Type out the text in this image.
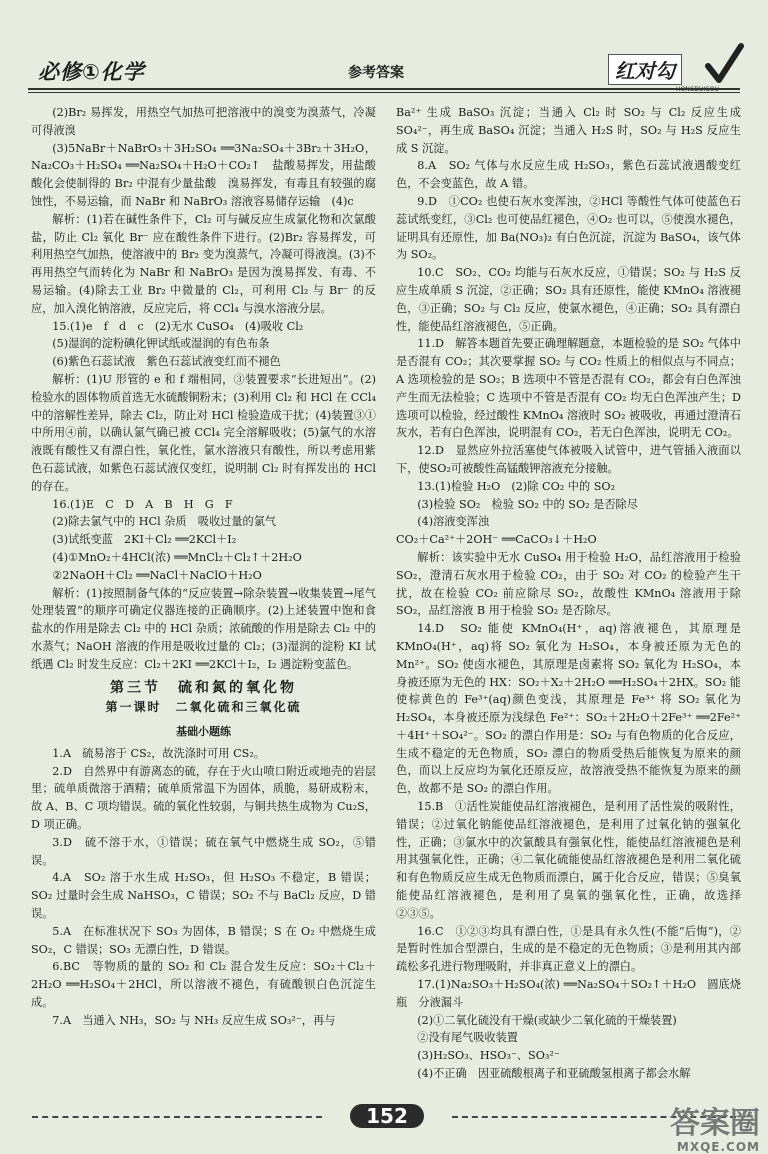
必修①化学	参考答案	红对勾

(2)Br₂ 易挥发，用热空气加热可把溶液中的溴变为溴蒸气，冷凝可得液溴

(3)5NaBr＋NaBrO₃＋3H₂SO₄ ══3Na₂SO₄＋3Br₂＋3H₂O，Na₂CO₃＋H₂SO₄ ══Na₂SO₄＋H₂O＋CO₂↑　盐酸易挥发，用盐酸酸化会使制得的 Br₂ 中混有少量盐酸　溴易挥发，有毒且有较强的腐蚀性，不易运输，而 NaBr 和 NaBrO₃ 溶液容易储存运输　(4)c

解析：(1)若在碱性条件下，Cl₂ 可与碱反应生成氯化物和次氯酸盐，防止 Cl₂ 氧化 Br⁻ 应在酸性条件下进行。(2)Br₂ 容易挥发，可利用热空气加热，使溶液中的 Br₂ 变为溴蒸气，冷凝可得液溴。(3)不再用热空气而转化为 NaBr 和 NaBrO₃ 是因为溴易挥发、有毒、不易运输。(4)除去工业 Br₂ 中微量的 Cl₂，可利用 Cl₂ 与 Br⁻ 的反应，加入溴化钠溶液，反应完后，将 CCl₄ 与溴水溶液分层。

15.(1)e　f　d　c　(2)无水 CuSO₄　(4)吸收 Cl₂

(5)湿润的淀粉碘化钾试纸或湿润的有色布条

(6)紫色石蕊试液　紫色石蕊试液变红而不褪色

解析：(1)U 形管的 e 和 f 端相同，③装置要求“长进短出”。(2)检验水的固体物质首选无水硫酸铜粉末；(3)利用 Cl₂ 和 HCl 在 CCl₄ 中的溶解性差异，除去 Cl₂，防止对 HCl 检验造成干扰；(4)装置③①中所用④前，以确认氯气确已被 CCl₄ 完全溶解吸收；(5)氯气的水溶液既有酸性又有漂白性，氧化性，氯水溶液只有酸性，所以考虑用紫色石蕊试液，如紫色石蕊试液仅变红，说明制 Cl₂ 时有挥发出的 HCl 的存在。

16.(1)E　C　D　A　B　H　G　F

(2)除去氯气中的 HCl 杂质　吸收过量的氯气

(3)试纸变蓝　2KI＋Cl₂ ══2KCl＋I₂

(4)①MnO₂＋4HCl(浓) ══MnCl₂＋Cl₂↑＋2H₂O

②2NaOH＋Cl₂ ══NaCl＋NaClO＋H₂O

解析：(1)按照制备气体的“反应装置→除杂装置→收集装置→尾气处理装置”的顺序可确定仪器连接的正确顺序。(2)上述装置中饱和食盐水的作用是除去 Cl₂ 中的 HCl 杂质；浓硫酸的作用是除去 Cl₂ 中的水蒸气；NaOH 溶液的作用是吸收过量的 Cl₂；(3)湿润的淀粉 KI 试纸遇 Cl₂ 时发生反应：Cl₂＋2KI ══2KCl＋I₂，I₂ 遇淀粉变蓝色。

第三节　硫和氮的氧化物
第一课时　二氧化硫和三氧化硫
基础小题练

1.A　硫易溶于 CS₂，故洗涤时可用 CS₂。

2.D　自然界中有游离态的硫，存在于火山喷口附近或地壳的岩层里；硫单质微溶于酒精；硫单质常温下为固体，质脆，易研成粉末，故 A、B、C 项均错误。硫的氧化性较弱，与铜共热生成物为 Cu₂S，D 项正确。

3.D　硫不溶于水，①错误；硫在氧气中燃烧生成 SO₂，⑤错误。

4.A　SO₂ 溶于水生成 H₂SO₃，但 H₂SO₃ 不稳定，B 错误；SO₂ 过量时会生成 NaHSO₃，C 错误；SO₂ 不与 BaCl₂ 反应，D 错误。

5.A　在标准状况下 SO₃ 为固体，B 错误；S 在 O₂ 中燃烧生成 SO₂，C 错误；SO₃ 无漂白性，D 错误。

6.BC　等物质的量的 SO₂ 和 Cl₂ 混合发生反应：SO₂＋Cl₂＋2H₂O ══H₂SO₄＋2HCl，所以溶液不褪色，有硫酸钡白色沉淀生成。

7.A　当通入 NH₃，SO₂ 与 NH₃ 反应生成 SO₃²⁻，再与

Ba²⁺ 生成 BaSO₃ 沉淀；当通入 Cl₂ 时 SO₂ 与 Cl₂ 反应生成 SO₄²⁻，再生成 BaSO₄ 沉淀；当通入 H₂S 时，SO₂ 与 H₂S 反应生成 S 沉淀。

8.A　SO₂ 气体与水反应生成 H₂SO₃，紫色石蕊试液遇酸变红色，不会变蓝色，故 A 错。

9.D　①CO₂ 也使石灰水变浑浊，②HCl 等酸性气体可使蓝色石蕊试纸变红，③Cl₂ 也可使品红褪色，④O₂ 也可以，⑤使溴水褪色，证明具有还原性，加 Ba(NO₃)₂ 有白色沉淀，沉淀为 BaSO₄，该气体为 SO₂。

10.C　SO₂、CO₂ 均能与石灰水反应，①错误；SO₂ 与 H₂S 反应生成单质 S 沉淀，②正确；SO₂ 具有还原性，能使 KMnO₄ 溶液褪色，③正确；SO₂ 与 Cl₂ 反应，使氯水褪色，④正确；SO₂ 具有漂白性，能使品红溶液褪色，⑤正确。

11.D　解答本题首先要正确理解题意，本题检验的是 SO₂ 气体中是否混有 CO₂；其次要掌握 SO₂ 与 CO₂ 性质上的相似点与不同点；A 选项检验的是 SO₂；B 选项中不管是否混有 CO₂，都会有白色浑浊产生而无法检验；C 选项中不管是否混有 CO₂ 均无白色浑浊产生；D 选项可以检验，经过酸性 KMnO₄ 溶液时 SO₂ 被吸收，再通过澄清石灰水，若有白色浑浊，说明混有 CO₂，若无白色浑浊，说明无 CO₂。

12.D　显然应外拉活塞使气体被吸入试管中，进气管插入液面以下，使SO₂可被酸性高锰酸钾溶液充分接触。

13.(1)检验 H₂O　(2)除 CO₂ 中的 SO₂

(3)检验 SO₂　检验 SO₂ 中的 SO₂ 是否除尽

(4)溶液变浑浊

CO₂＋Ca²⁺＋2OH⁻ ══CaCO₃↓＋H₂O

解析：该实验中无水 CuSO₄ 用于检验 H₂O，品红溶液用于检验 SO₂，澄清石灰水用于检验 CO₂，由于 SO₂ 对 CO₂ 的检验产生干扰，故在检验 CO₂ 前应除尽 SO₂，故酸性 KMnO₄ 溶液用于除 SO₂，品红溶液 B 用于检验 SO₂ 是否除尽。

14.D　SO₂ 能使 KMnO₄(H⁺，aq)溶液褪色，其原理是 KMnO₄(H⁺，aq)将 SO₂ 氧化为 H₂SO₄，本身被还原为无色的 Mn²⁺。SO₂ 使卤水褪色，其原理是卤素将 SO₂ 氧化为 H₂SO₄，本身被还原为无色的 HX：SO₂＋X₂＋2H₂O ══H₂SO₄＋2HX。SO₂ 能使棕黄色的 Fe³⁺(aq)颜色变浅，其原理是 Fe³⁺ 将 SO₂ 氧化为 H₂SO₄，本身被还原为浅绿色 Fe²⁺：SO₂＋2H₂O＋2Fe³⁺ ══2Fe²⁺＋4H⁺＋SO₄²⁻。SO₂ 的漂白作用是：SO₂ 与有色物质的化合反应，生成不稳定的无色物质，SO₂ 漂白的物质受热后能恢复为原来的颜色，而以上反应均为氧化还原反应，故溶液受热不能恢复为原来的颜色，故都不是 SO₂ 的漂白作用。

15.B　①活性炭能使品红溶液褪色，是利用了活性炭的吸附性，错误；②过氧化钠能使品红溶液褪色，是利用了过氧化钠的强氧化性，正确；③氯水中的次氯酸具有强氧化性，能使品红溶液褪色是利用其强氧化性，正确；④二氧化硫能使品红溶液褪色是利用二氧化硫和有色物质反应生成无色物质而漂白，属于化合反应，错误；⑤臭氧能使品红溶液褪色，是利用了臭氧的强氧化性，正确，故选择②③⑤。

16.C　①②③均具有漂白性，①是具有永久性(不能“后悔”)，②是暂时性加合型漂白，生成的是不稳定的无色物质；③是利用其内部疏松多孔进行物理吸附，并非真正意义上的漂白。

17.(1)Na₂SO₃＋H₂SO₄(浓) ══Na₂SO₄＋SO₂↑＋H₂O　圆底烧瓶　分液漏斗

(2)①二氧化硫没有干燥(或缺少二氧化硫的干燥装置)

②没有尾气吸收装置

(3)H₂SO₃、HSO₃⁻、SO₃²⁻

(4)不正确　因亚硫酸根离子和亚硫酸氢根离子都会水解

152	答案圈
MXQE.COM
